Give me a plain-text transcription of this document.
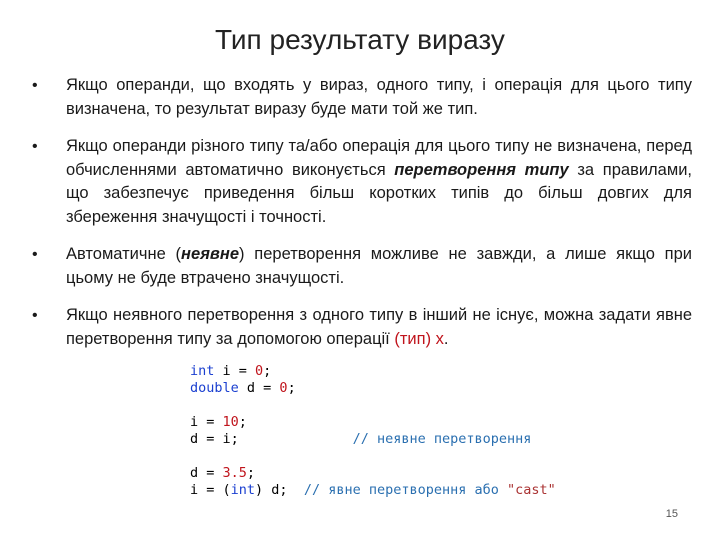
Тип результату виразу
• Якщо операнди, що входять у вираз, одного типу, і операція для цього типу визначена, то результат виразу буде мати той же тип.
• Якщо операнди різного типу та/або операція для цього типу не визначена, перед обчисленнями автоматично виконується перетворення типу за правилами, що забезпечує приведення більш коротких типів до більш довгих для збереження значущості і точності.
• Автоматичне (неявне) перетворення можливе не завжди, а лише якщо при цьому не буде втрачено значущості.
• Якщо неявного перетворення з одного типу в інший не існує, можна задати явне перетворення типу за допомогою операції (тип) x.
int i = 0;
double d = 0;
i = 10;
d = i;	// неявне перетворення
d = 3.5;
i = (int) d; // явне перетворення або "cast"
15
